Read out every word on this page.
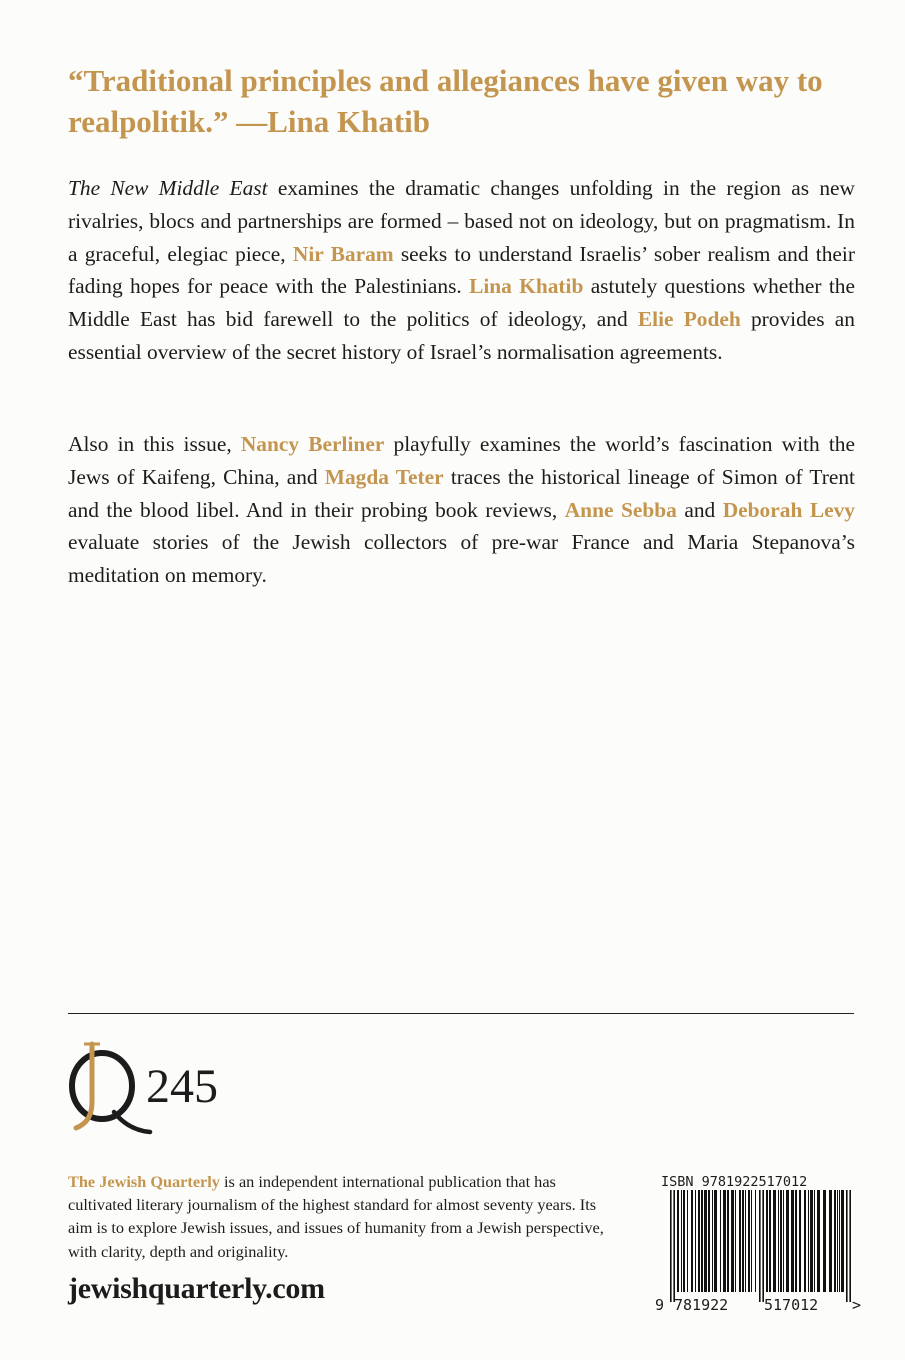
“Traditional principles and allegiances have given way to realpolitik.” —Lina Khatib

The New Middle East examines the dramatic changes unfolding in the region as new rivalries, blocs and partnerships are formed – based not on ideology, but on pragmatism. In a graceful, elegiac piece, Nir Baram seeks to understand Israelis’ sober realism and their fading hopes for peace with the Palestinians. Lina Khatib astutely questions whether the Middle East has bid farewell to the politics of ideology, and Elie Podeh provides an essential overview of the secret history of Israel’s normalisation agreements.

Also in this issue, Nancy Berliner playfully examines the world’s fascination with the Jews of Kaifeng, China, and Magda Teter traces the historical lineage of Simon of Trent and the blood libel. And in their probing book reviews, Anne Sebba and Deborah Levy evaluate stories of the Jewish collectors of pre-war France and Maria Stepanova’s meditation on memory.

245

The Jewish Quarterly is an independent international publication that has cultivated literary journalism of the highest standard for almost seventy years. Its aim is to explore Jewish issues, and issues of humanity from a Jewish perspective, with clarity, depth and originality.

jewishquarterly.com

ISBN 9781922517012

9 781922 517012 >
